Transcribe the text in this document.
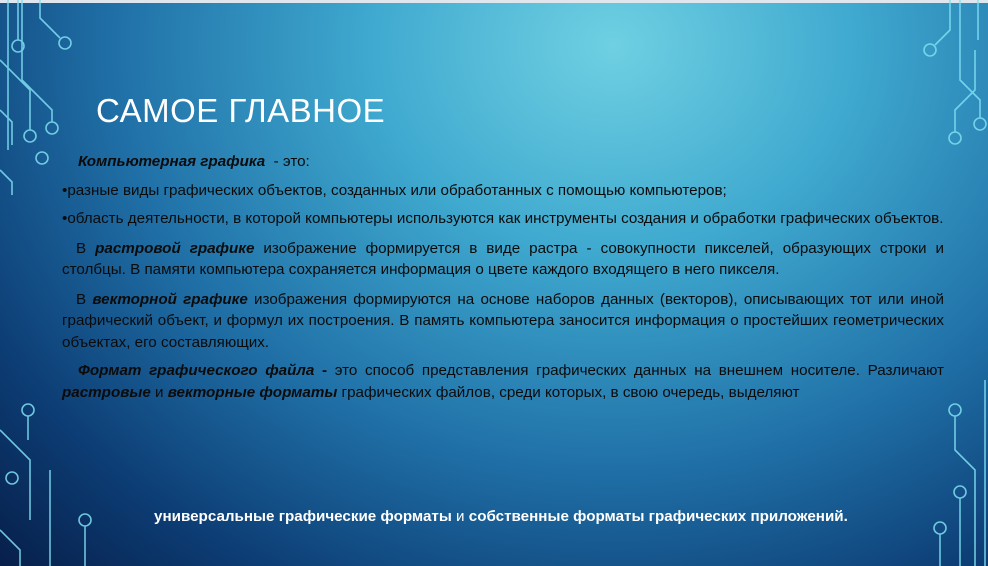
САМОЕ ГЛАВНОЕ

Компьютерная графика  - это:

•разные виды графических объектов, созданных или обработанных с помощью компьютеров;

•область деятельности, в которой компьютеры используются как инструменты создания и обработки графических объектов.

В растровой графике изображение формируется в виде растра - совокупности пикселей, образующих строки и столбцы. В памяти компьютера сохраняется информация о цвете каждого входящего в него пикселя.

В векторной графике изображения формируются на основе наборов данных (векторов), описывающих тот или иной графический объект, и формул их построения. В память компьютера заносится информация о простейших геометрических объектах, его составляющих.

Формат графического файла - это способ представления графических данных на внешнем носителе. Различают растровые и векторные форматы графических файлов, среди которых, в свою очередь, выделяют

универсальные графические форматы и собственные форматы графических приложений.
